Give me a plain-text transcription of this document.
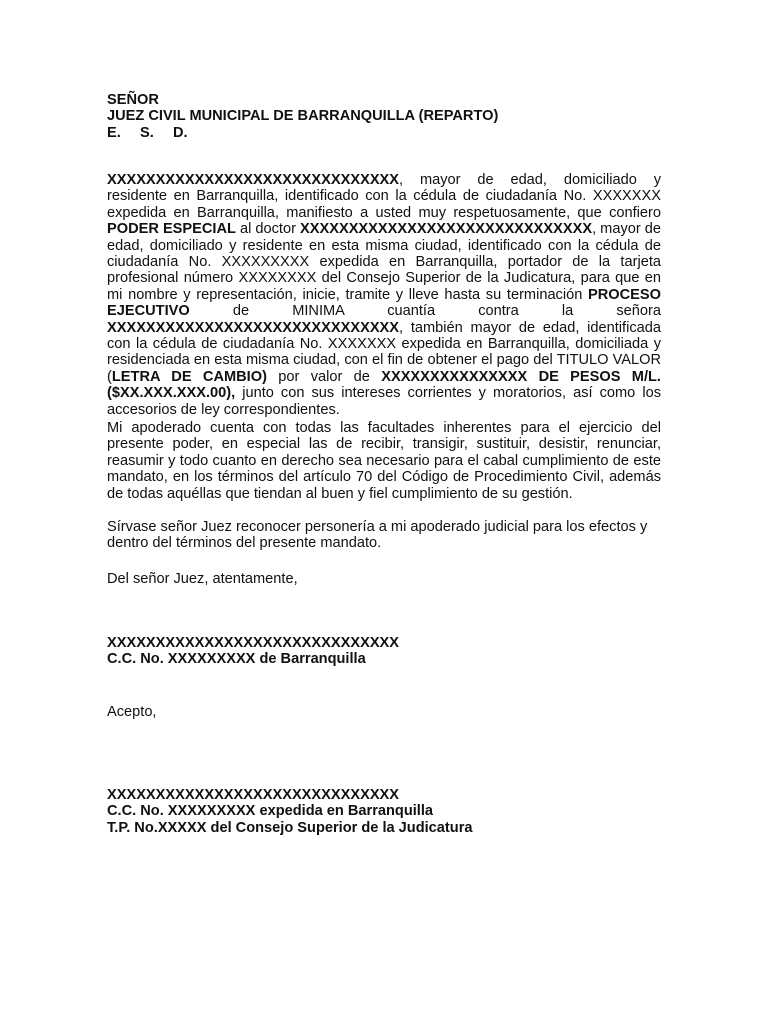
SEÑOR
JUEZ CIVIL MUNICIPAL DE BARRANQUILLA (REPARTO)
E. S. D.
XXXXXXXXXXXXXXXXXXXXXXXXXXXXXX, mayor de edad, domiciliado y residente en Barranquilla, identificado con la cédula de ciudadanía No. XXXXXXX expedida en Barranquilla, manifiesto a usted muy respetuosamente, que confiero PODER ESPECIAL al doctor XXXXXXXXXXXXXXXXXXXXXXXXXXXXXX, mayor de edad, domiciliado y residente en esta misma ciudad, identificado con la cédula de ciudadanía No. XXXXXXXXX expedida en Barranquilla, portador de la tarjeta profesional número XXXXXXXX del Consejo Superior de la Judicatura, para que en mi nombre y representación, inicie, tramite y lleve hasta su terminación PROCESO EJECUTIVO de MINIMA cuantía contra la señora XXXXXXXXXXXXXXXXXXXXXXXXXXXXXX, también mayor de edad, identificada con la cédula de ciudadanía No. XXXXXXX expedida en Barranquilla, domiciliada y residenciada en esta misma ciudad, con el fin de obtener el pago del TITULO VALOR (LETRA DE CAMBIO) por valor de XXXXXXXXXXXXXXX DE PESOS M/L. ($XX.XXX.XXX.00), junto con sus intereses corrientes y moratorios, así como los accesorios de ley correspondientes.
Mi apoderado cuenta con todas las facultades inherentes para el ejercicio del presente poder, en especial las de recibir, transigir, sustituir, desistir, renunciar, reasumir y todo cuanto en derecho sea necesario para el cabal cumplimiento de este mandato, en los términos del artículo 70 del Código de Procedimiento Civil, además de todas aquéllas que tiendan al buen y fiel cumplimiento de su gestión.
Sírvase señor Juez reconocer personería a mi apoderado judicial para los efectos y dentro del términos del presente mandato.
Del señor Juez, atentamente,
XXXXXXXXXXXXXXXXXXXXXXXXXXXXXX
C.C. No. XXXXXXXXX de Barranquilla
Acepto,
XXXXXXXXXXXXXXXXXXXXXXXXXXXXXX
C.C. No. XXXXXXXXX expedida en Barranquilla
T.P. No.XXXXX del Consejo Superior de la Judicatura
